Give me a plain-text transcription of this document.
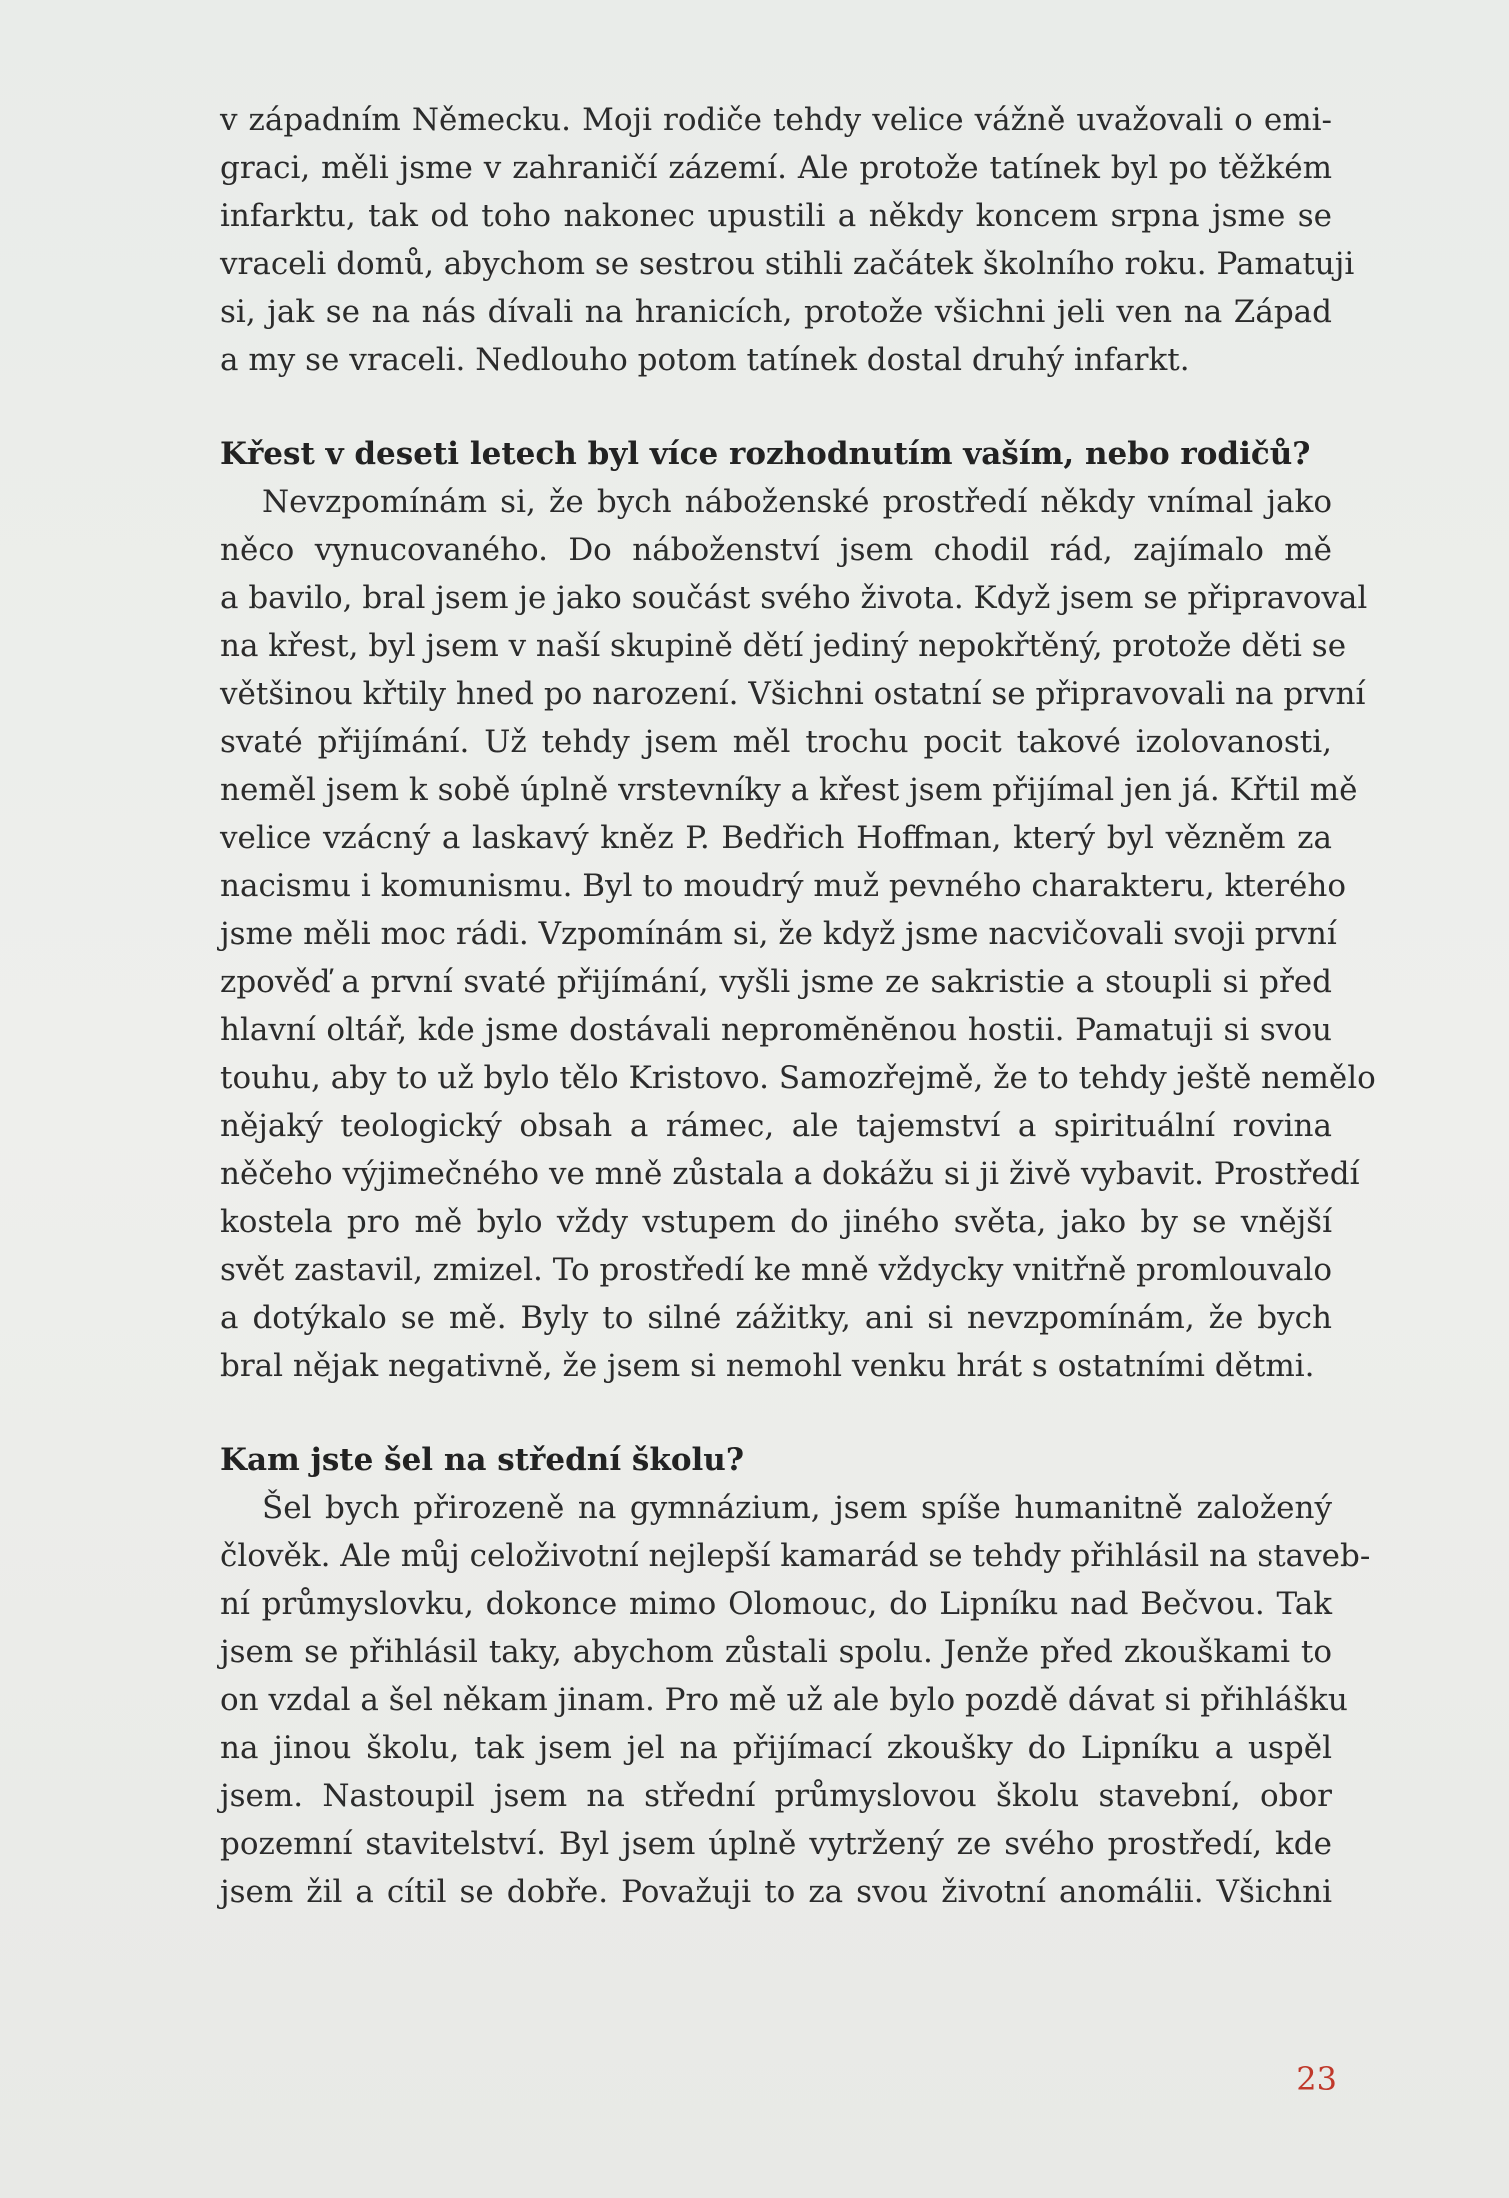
v západním Německu. Moji rodiče tehdy velice vážně uvažovali o emi-
graci, měli jsme v zahraničí zázemí. Ale protože tatínek byl po těžkém
infarktu, tak od toho nakonec upustili a někdy koncem srpna jsme se
vraceli domů, abychom se sestrou stihli začátek školního roku. Pamatuji
si, jak se na nás dívali na hranicích, protože všichni jeli ven na Západ
a my se vraceli. Nedlouho potom tatínek dostal druhý infarkt.
Křest v deseti letech byl více rozhodnutím vaším, nebo rodičů?
Nevzpomínám si, že bych náboženské prostředí někdy vnímal jako
něco vynucovaného. Do náboženství jsem chodil rád, zajímalo mě
a bavilo, bral jsem je jako součást svého života. Když jsem se připravoval
na křest, byl jsem v naší skupině dětí jediný nepokřtěný, protože děti se
většinou křtily hned po narození. Všichni ostatní se připravovali na první
svaté přijímání. Už tehdy jsem měl trochu pocit takové izolovanosti,
neměl jsem k sobě úplně vrstevníky a křest jsem přijímal jen já. Křtil mě
velice vzácný a laskavý kněz P. Bedřich Hoffman, který byl vězněm za
nacismu i komunismu. Byl to moudrý muž pevného charakteru, kterého
jsme měli moc rádi. Vzpomínám si, že když jsme nacvičovali svoji první
zpověď a první svaté přijímání, vyšli jsme ze sakristie a stoupli si před
hlavní oltář, kde jsme dostávali nepromĕnĕnou hostii. Pamatuji si svou
touhu, aby to už bylo tělo Kristovo. Samozřejmě, že to tehdy ještě nemělo
nějaký teologický obsah a rámec, ale tajemství a spirituální rovina
něčeho výjimečného ve mně zůstala a dokážu si ji živě vybavit. Prostředí
kostela pro mě bylo vždy vstupem do jiného světa, jako by se vnější
svět zastavil, zmizel. To prostředí ke mně vždycky vnitřně promlouvalo
a dotýkalo se mě. Byly to silné zážitky, ani si nevzpomínám, že bych
bral nějak negativně, že jsem si nemohl venku hrát s ostatními dětmi.
Kam jste šel na střední školu?
Šel bych přirozeně na gymnázium, jsem spíše humanitně založený
člověk. Ale můj celoživotní nejlepší kamarád se tehdy přihlásil na staveb-
ní průmyslovku, dokonce mimo Olomouc, do Lipníku nad Bečvou. Tak
jsem se přihlásil taky, abychom zůstali spolu. Jenže před zkouškami to
on vzdal a šel někam jinam. Pro mě už ale bylo pozdě dávat si přihlášku
na jinou školu, tak jsem jel na přijímací zkoušky do Lipníku a uspěl
jsem. Nastoupil jsem na střední průmyslovou školu stavební, obor
pozemní stavitelství. Byl jsem úplně vytržený ze svého prostředí, kde
jsem žil a cítil se dobře. Považuji to za svou životní anomálii. Všichni
23
